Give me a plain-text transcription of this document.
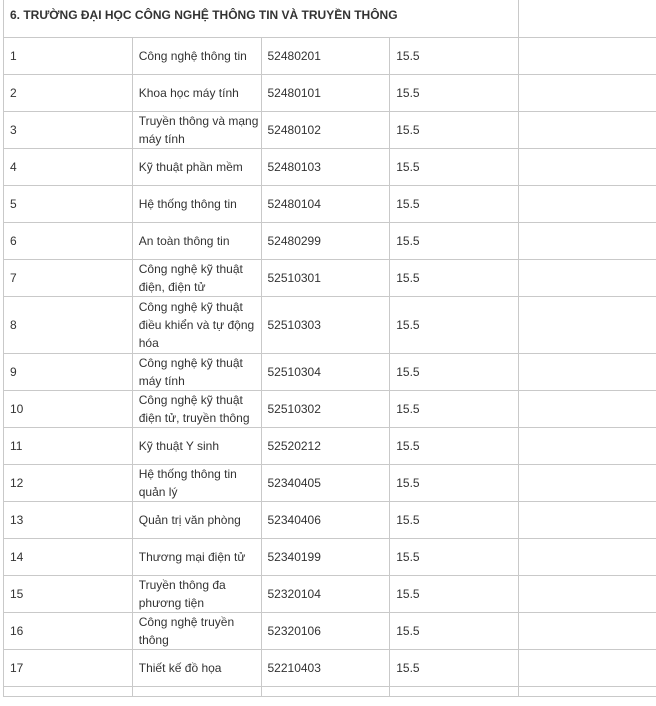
6. TRƯỜNG ĐẠI HỌC CÔNG NGHỆ THÔNG TIN VÀ TRUYỀN THÔNG				
1	Công nghệ thông tin	52480201	15.5	
2	Khoa học máy tính	52480101	15.5	
3	Truyền thông và mạng máy tính	52480102	15.5	
4	Kỹ thuật phần mềm	52480103	15.5	
5	Hệ thống thông tin	52480104	15.5	
6	An toàn thông tin	52480299	15.5	
7	Công nghệ kỹ thuật điện, điện tử	52510301	15.5	
8	Công nghệ kỹ thuật điều khiển và tự động hóa	52510303	15.5	
9	Công nghệ kỹ thuật máy tính	52510304	15.5	
10	Công nghệ kỹ thuật điện tử, truyền thông	52510302	15.5	
11	Kỹ thuật Y sinh	52520212	15.5	
12	Hệ thống thông tin quản lý	52340405	15.5	
13	Quản trị văn phòng	52340406	15.5	
14	Thương mại điện tử	52340199	15.5	
15	Truyền thông đa phương tiện	52320104	15.5	
16	Công nghệ truyền thông	52320106	15.5	
17	Thiết kế đồ họa	52210403	15.5	
